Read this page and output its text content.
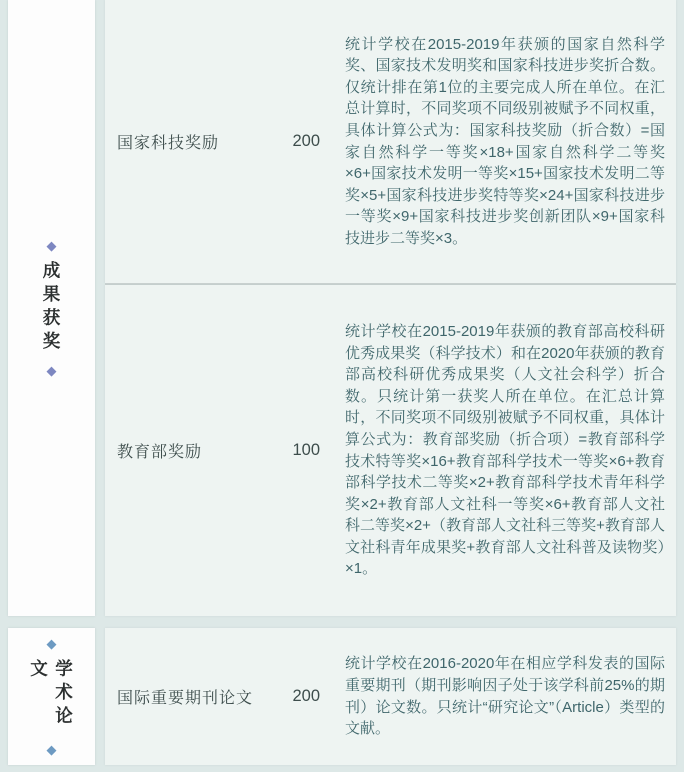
◆
成果获奖
◆
◆
学术论文
◆
国家科技奖励	200
统计学校在2015-2019年获颁的国家自然科学奖、国家技术发明奖和国家科技进步奖折合数。仅统计排在第1位的主要完成人所在单位。在汇总计算时，不同奖项不同级别被赋予不同权重，具体计算公式为：国家科技奖励（折合数）=国家自然科学一等奖×18+国家自然科学二等奖×6+国家技术发明一等奖×15+国家技术发明二等奖×5+国家科技进步奖特等奖×24+国家科技进步一等奖×9+国家科技进步奖创新团队×9+国家科技进步二等奖×3。
教育部奖励	100
统计学校在2015-2019年获颁的教育部高校科研优秀成果奖（科学技术）和在2020年获颁的教育部高校科研优秀成果奖（人文社会科学）折合数。只统计第一获奖人所在单位。在汇总计算时，不同奖项不同级别被赋予不同权重，具体计算公式为：教育部奖励（折合项）=教育部科学技术特等奖×16+教育部科学技术一等奖×6+教育部科学技术二等奖×2+教育部科学技术青年科学奖×2+教育部人文社科一等奖×6+教育部人文社科二等奖×2+（教育部人文社科三等奖+教育部人文社科青年成果奖+教育部人文社科普及读物奖）×1。
国际重要期刊论文 200
统计学校在2016-2020年在相应学科发表的国际重要期刊（期刊影响因子处于该学科前25%的期刊）论文数。只统计“研究论文”（Article）类型的文献。
